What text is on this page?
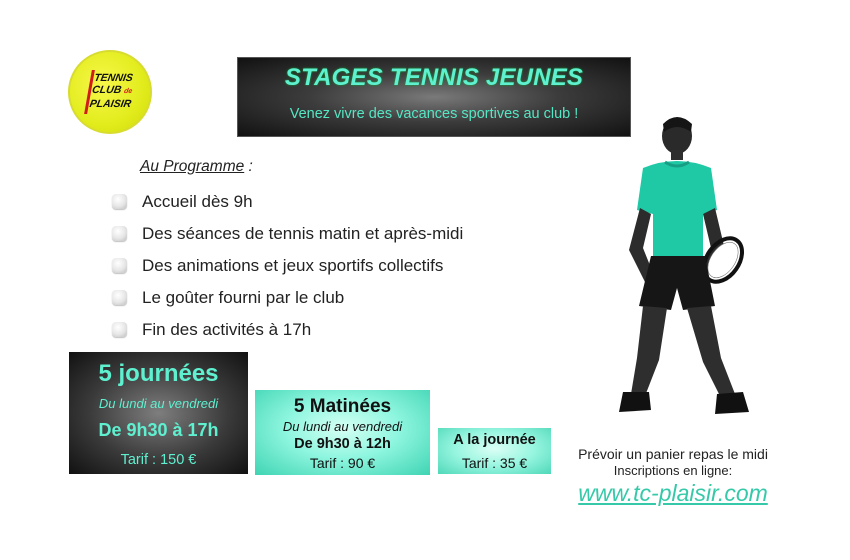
TENNIS
CLUB de
PLAISIR
STAGES TENNIS JEUNES
Venez vivre des vacances sportives au club !
Au Programme :
Accueil dès 9h
Des séances de tennis matin et après-midi
Des animations et jeux sportifs collectifs
Le goûter fourni par le club
Fin des activités à 17h
5 journées
Du lundi au vendredi
De 9h30 à 17h
Tarif : 150 €
5 Matinées
Du lundi au vendredi
De 9h30 à 12h
Tarif : 90 €
A la journée
Tarif : 35 €
Prévoir un panier repas le midi
Inscriptions en ligne:
www.tc-plaisir.com
